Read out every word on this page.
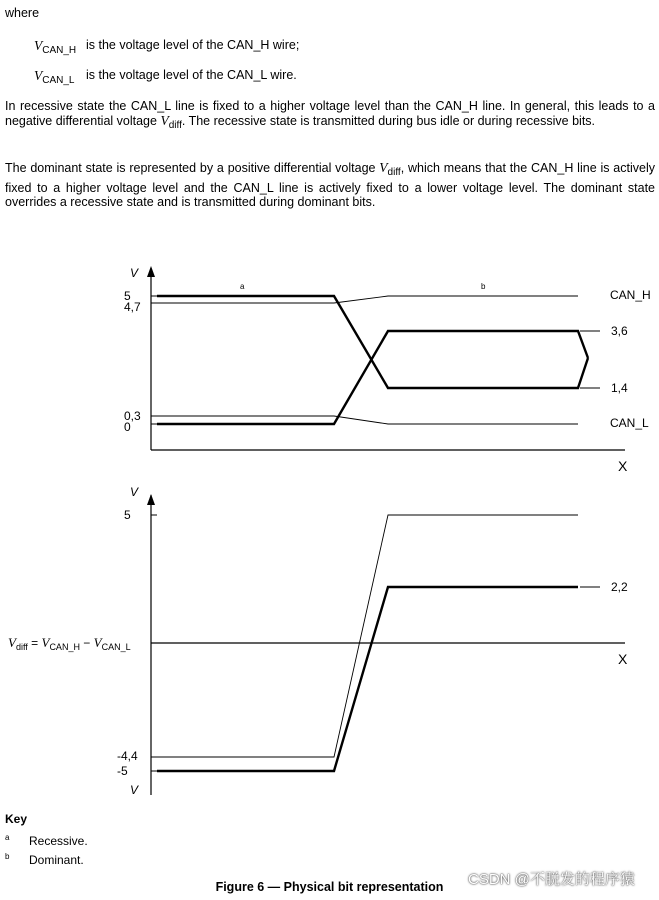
where
$V_{CAN\_H}$ is the voltage level of the CAN_H wire;
$V_{CAN\_L}$ is the voltage level of the CAN_L wire.
In recessive state the CAN_L line is fixed to a higher voltage level than the CAN_H line. In general, this leads to a negative differential voltage $V_{diff}$. The recessive state is transmitted during bus idle or during recessive bits.
The dominant state is represented by a positive differential voltage $V_{diff}$, which means that the CAN_H line is actively fixed to a higher voltage level and the CAN_L line is actively fixed to a lower voltage level. The dominant state overrides a recessive state and is transmitted during dominant bits.
V
5
4,7
0,3
0
a	b
CAN_H
3,6
1,4
CAN_L
X
V
5
-4,4
-5
V
2,2
X
$V_{diff} = V_{CAN\_H} - V_{CAN\_L}$
Key
$^a$ Recessive.
$^b$ Dominant.
Figure 6 — Physical bit representation	CSDN @不脱发的程序猿
